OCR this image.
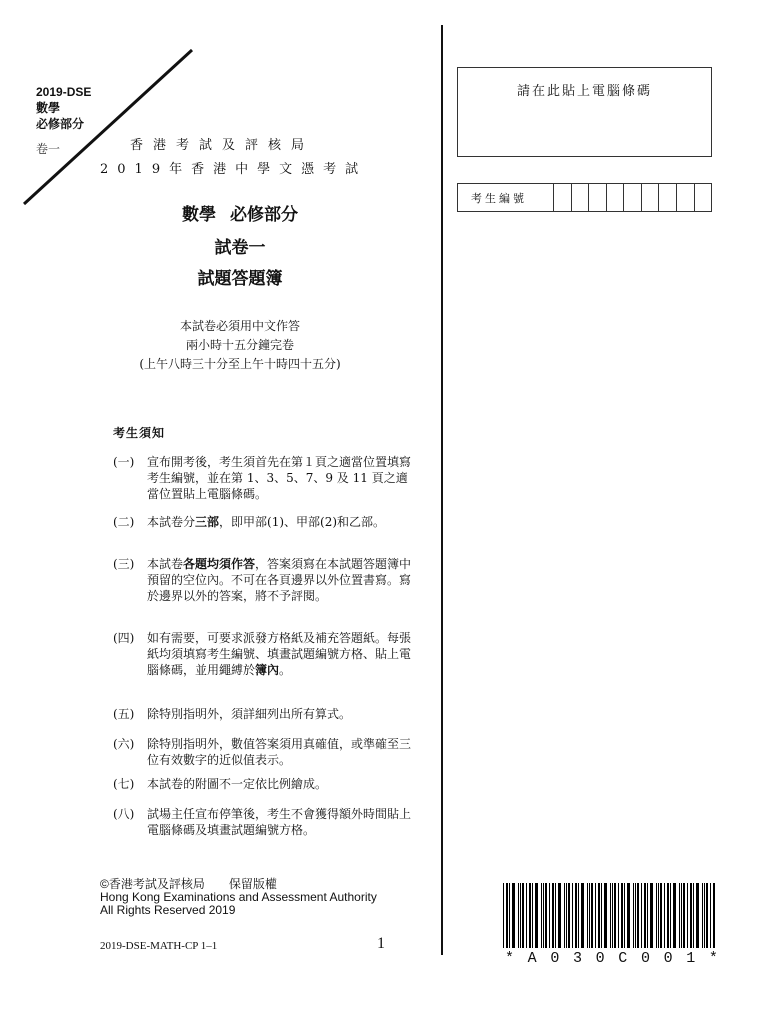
2019-DSE
數學
必修部分
卷一	香港考試及評核局
2019年香港中學文憑考試
數學 必修部分
試卷一
試題答題簿
本試卷必須用中文作答
兩小時十五分鐘完卷
(上午八時三十分至上午十時四十五分)
請在此貼上電腦條碼
考生編號
考生須知
(一)	宣布開考後，考生須首先在第１頁之適當位置填寫考生編號，並在第 1、3、5、7、9 及 11 頁之適當位置貼上電腦條碼。
(二)	本試卷分三部，即甲部(1)、甲部(2)和乙部。
(三)	本試卷各題均須作答，答案須寫在本試題答題簿中預留的空位內。不可在各頁邊界以外位置書寫。寫於邊界以外的答案，將不予評閱。
(四)	如有需要，可要求派發方格紙及補充答題紙。每張紙均須填寫考生編號、填畫試題編號方格、貼上電腦條碼，並用繩縛於簿內。
(五)	除特別指明外，須詳細列出所有算式。
(六)	除特別指明外，數值答案須用真確值，或準確至三位有效數字的近似值表示。
(七)	本試卷的附圖不一定依比例繪成。
(八)	試場主任宣布停筆後，考生不會獲得額外時間貼上電腦條碼及填畫試題編號方格。
©香港考試及評核局　　保留版權
Hong Kong Examinations and Assessment Authority
All Rights Reserved 2019
2019-DSE-MATH-CP 1–1	1
* A 0 3 0 C 0 0 1 *
